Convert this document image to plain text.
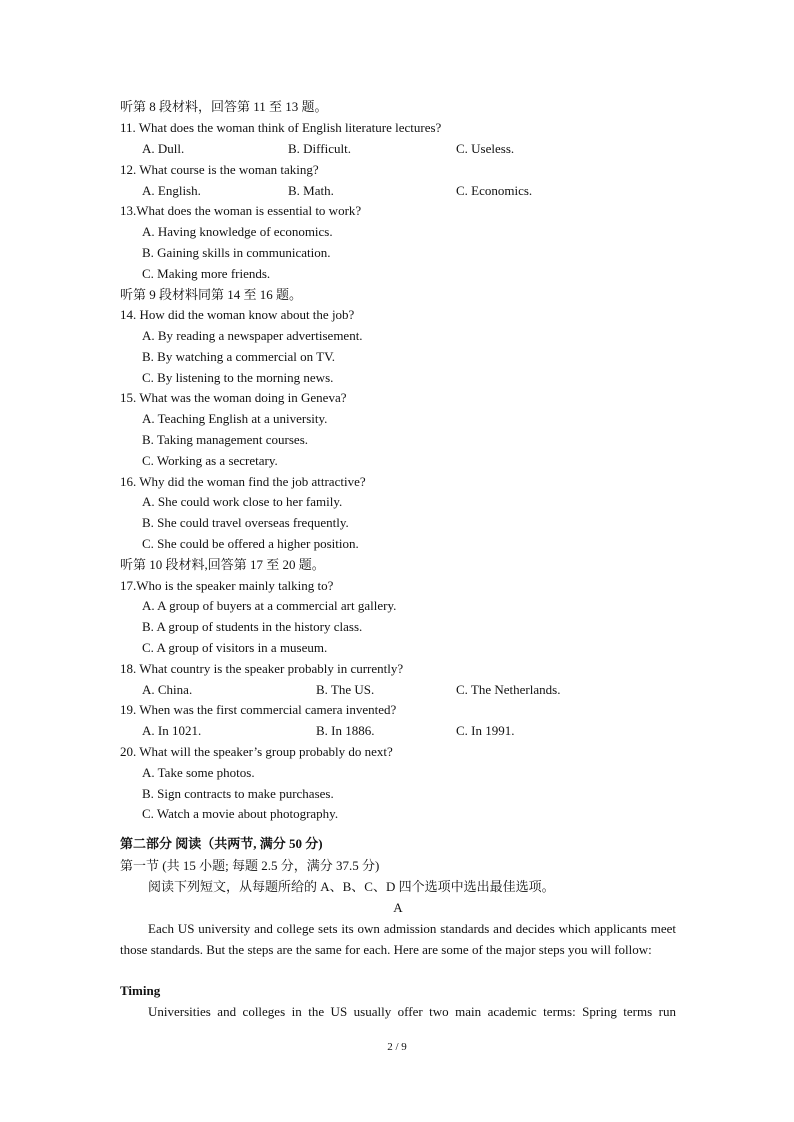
听第 8 段材料，回答第 11 至 13 题。
11. What does the woman think of English literature lectures?
A. Dull.	B. Difficult.	C. Useless.
12. What course is the woman taking?
A. English.	B. Math.	C. Economics.
13.What does the woman is essential to work?
A. Having knowledge of economics.
B. Gaining skills in communication.
C. Making more friends.
听第 9 段材料同第 14 至 16 题。
14. How did the woman know about the job?
A. By reading a newspaper advertisement.
B. By watching a commercial on TV.
C. By listening to the morning news.
15. What was the woman doing in Geneva?
A. Teaching English at a university.
B. Taking management courses.
C. Working as a secretary.
16. Why did the woman find the job attractive?
A. She could work close to her family.
B. She could travel overseas frequently.
C. She could be offered a higher position.
听第 10 段材料,回答第 17 至 20 题。
17.Who is the speaker mainly talking to?
A. A group of buyers at a commercial art gallery.
B. A group of students in the history class.
C. A group of visitors in a museum.
18. What country is the speaker probably in currently?
A. China.	B. The US.	C. The Netherlands.
19. When was the first commercial camera invented?
A. In 1021.	B. In 1886.	C. In 1991.
20. What will the speaker’s group probably do next?
A. Take some photos.
B. Sign contracts to make purchases.
C. Watch a movie about photography.
第二部分 阅读（共两节, 满分 50 分)
第一节 (共 15 小题; 每题 2.5 分，满分 37.5 分)
阅读下列短文，从每题所给的 A、B、C、D 四个选项中选出最佳选项。
A

Each US university and college sets its own admission standards and decides which applicants meet those standards. But the steps are the same for each. Here are some of the major steps you will follow:

Timing
Universities and colleges in the US usually offer two main academic terms: Spring terms run
2 / 9
